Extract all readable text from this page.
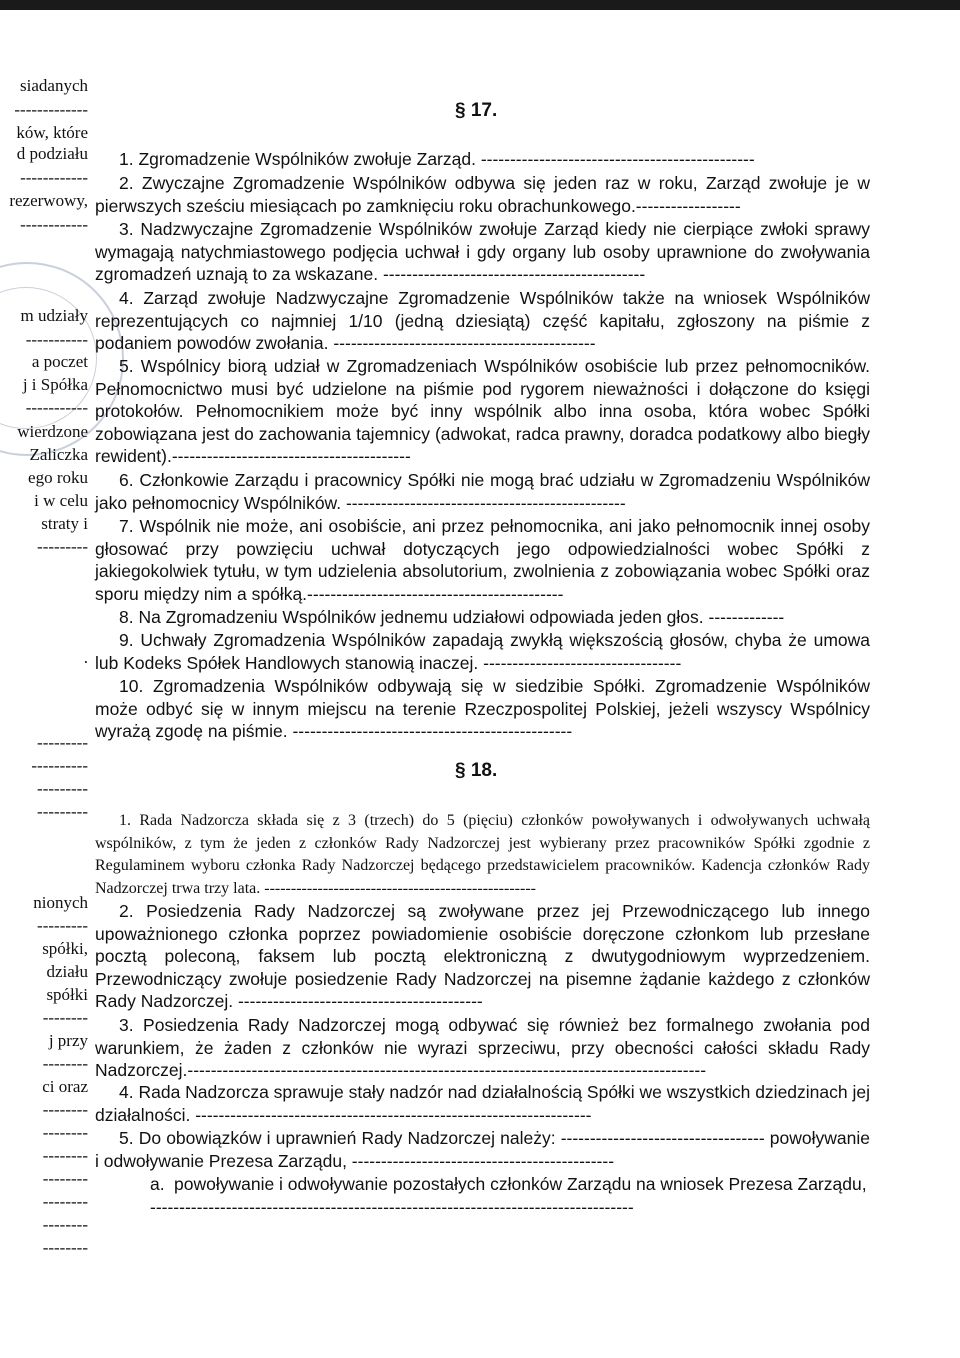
siadanych
-------------
ków, które
d podziału
------------
rezerwowy,
------------
m udziały
-----------
a poczet
j i Spółka
-----------
wierdzone
Zaliczka
ego roku
i w celu
straty i
---------
.
---------
----------
---------
---------
nionych
---------
spółki,
działu
spółki
--------
j przy
--------
ci oraz
--------
--------
--------
--------
--------
--------
--------
§ 17.

1. Zgromadzenie Wspólników zwołuje Zarząd. -----------------------------------------------

2. Zwyczajne Zgromadzenie Wspólników odbywa się jeden raz w roku, Zarząd zwołuje je w pierwszych sześciu miesiącach po zamknięciu roku obrachunkowego.------------------

3. Nadzwyczajne Zgromadzenie Wspólników zwołuje Zarząd kiedy nie cierpiące zwłoki sprawy wymagają natychmiastowego podjęcia uchwał i gdy organy lub osoby uprawnione do zwoływania zgromadzeń uznają to za wskazane. ---------------------------------------------

4. Zarząd zwołuje Nadzwyczajne Zgromadzenie Wspólników także na wniosek Wspólników reprezentujących co najmniej 1/10 (jedną dziesiątą) część kapitału, zgłoszony na piśmie z podaniem powodów zwołania. ---------------------------------------------

5. Wspólnicy biorą udział w Zgromadzeniach Wspólników osobiście lub przez pełnomocników. Pełnomocnictwo musi być udzielone na piśmie pod rygorem nieważności i dołączone do księgi protokołów. Pełnomocnikiem może być inny wspólnik albo inna osoba, która wobec Spółki zobowiązana jest do zachowania tajemnicy (adwokat, radca prawny, doradca podatkowy albo biegły rewident).-----------------------------------------

6. Członkowie Zarządu i pracownicy Spółki nie mogą brać udziału w Zgromadzeniu Wspólników jako pełnomocnicy Wspólników. ------------------------------------------------

7. Wspólnik nie może, ani osobiście, ani przez pełnomocnika, ani jako pełnomocnik innej osoby głosować przy powzięciu uchwał dotyczących jego odpowiedzialności wobec Spółki z jakiegokolwiek tytułu, w tym udzielenia absolutorium, zwolnienia z zobowiązania wobec Spółki oraz sporu między nim a spółką.--------------------------------------------

8. Na Zgromadzeniu Wspólników jednemu udziałowi odpowiada jeden głos. -------------

9. Uchwały Zgromadzenia Wspólników zapadają zwykłą większością głosów, chyba że umowa lub Kodeks Spółek Handlowych stanowią inaczej. ----------------------------------

10. Zgromadzenia Wspólników odbywają się w siedzibie Spółki. Zgromadzenie Wspólników może odbyć się w innym miejscu na terenie Rzeczpospolitej Polskiej, jeżeli wszyscy Wspólnicy wyrażą zgodę na piśmie. ------------------------------------------------

§ 18.

1. Rada Nadzorcza składa się z 3 (trzech) do 5 (pięciu) członków powoływanych i odwoływanych uchwałą wspólników, z tym że jeden z członków Rady Nadzorczej jest wybierany przez pracowników Spółki zgodnie z Regulaminem wyboru członka Rady Nadzorczej będącego przedstawicielem pracowników. Kadencja członków Rady Nadzorczej trwa trzy lata. ---------------------------------------------------

2. Posiedzenia Rady Nadzorczej są zwoływane przez jej Przewodniczącego lub innego upoważnionego członka poprzez powiadomienie osobiście doręczone członkom lub przesłane pocztą poleconą, faksem lub pocztą elektroniczną z dwutygodniowym wyprzedzeniem. Przewodniczący zwołuje posiedzenie Rady Nadzorczej na pisemne żądanie każdego z członków Rady Nadzorczej. ------------------------------------------

3. Posiedzenia Rady Nadzorczej mogą odbywać się również bez formalnego zwołania pod warunkiem, że żaden z członków nie wyrazi sprzeciwu, przy obecności całości składu Rady Nadzorczej.-----------------------------------------------------------------------------------------

4. Rada Nadzorcza sprawuje stały nadzór nad działalnością Spółki we wszystkich dziedzinach jej działalności. --------------------------------------------------------------------

5. Do obowiązków i uprawnień Rady Nadzorczej należy: ----------------------------------- powoływanie i odwoływanie Prezesa Zarządu, ---------------------------------------------

a. powoływanie i odwoływanie pozostałych członków Zarządu na wniosek Prezesa Zarządu, -----------------------------------------------------------------------------------
